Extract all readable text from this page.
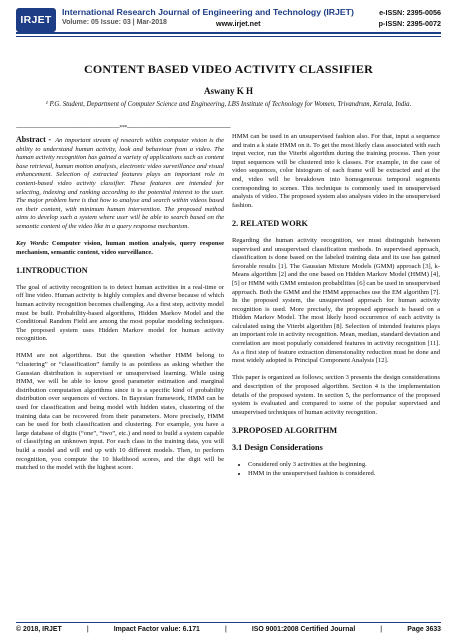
IRJET
International Research Journal of Engineering and Technology (IRJET)	e-ISSN: 2395-0056
Volume: 05 Issue: 03 | Mar-2018	www.irjet.net	p-ISSN: 2395-0072
CONTENT BASED VIDEO ACTIVITY CLASSIFIER
Aswany K H
¹ P.G. Student, Department of Computer Science and Engineering, LBS Institute of Technology for Women, Trivandrum, Kerala, India.
---------------------------------------------------------------------***---------------------------------------------------------------------

Abstract - An important stream of research within computer vision is the ability to understand human activity, look and behaviour from a video. The human activity recognition has gained a variety of applications such as content base retrieval, human motion analysis, electronic video surveillance and visual enhancement. Selection of extracted features plays an important role in content-based video activity classifier. These features are intended for selecting, indexing and ranking according to the potential interest to the user. The major problem here is that how to analyse and search within videos based on their content, with minimum human intervention. The proposed method aims to develop such a system where user will be able to search based on the semantic content of the video like in a query response mechanism.

Key Words: Computer vision, human motion analysis, query response mechanism, semantic content, video surveillance.

1.INTRODUCTION

The goal of activity recognition is to detect human activities in a real-time or off line video. Human activity is highly complex and diverse because of which human activity recognition becomes challenging. As a first step, activity model must be built. Probability-based algorithms, Hidden Markov Model and the Conditional Random Field are among the most popular modeling techniques. The proposed system uses Hidden Markov model for human activity recognition.

HMM are not algorithms. But the question whether HMM belong to “clustering” or “classification” family is as pointless as asking whether the Gaussian distribution is supervised or unsupervised learning. While using HMM, we will be able to know good parameter estimation and marginal distribution computation algorithms since it is a specific kind of probability distribution over sequences of vectors. In Bayesian framework, HMM can be used for classification and being model with hidden states, clustering of the training data can be recovered from their parameters. More precisely, HMM can be used for both classification and clustering. For example, you have a large database of digits (“one”, “two”, etc.) and need to build a system capable of classifying an unknown input. For each class in the training data, you will build a model and will end up with 10 different models. Then, to perform recognition, you compute the 10 likelihood scores, and the digit will be matched to the model with the highest score.

HMM can be used in an unsupervised fashion also. For that, input a sequence and train a k state HMM on it. To get the most likely class associated with each input vector, run the Viterbi algorithm during the training process. Then your input sequences will be clustered into k classes. For example, in the case of video sequences, color histogram of each frame will be extracted and at the end, video will be breakdown into homogeneous temporal segments corresponding to scenes. This technique is commonly used in unsupervised analysis of video. The proposed system also analyses video in the unsupervised fashion.

2. RELATED WORK

Regarding the human activity recognition, we must distinguish between supervised and unsupervised classification methods. In supervised approach, classification is done based on the labeled training data and its use has gained favorable results [1]. The Gaussian Mixture Models (GMM) approach [3], k-Means algorithm [2] and the one based on Hidden Markov Model (HMM) [4], [5] or HMM with GMM emission probabilities [6] can be used in unsupervised approach. Both the GMM and the HMM approaches use the EM algorithm [7]. In the proposed system, the unsupervised approach for human activity recognition is used. More precisely, the proposed approach is based on a Hidden Markov Model. The most likely hood occurrence of each activity is calculated using the Viterbi algorithm [8]. Selection of intended features plays an important role in activity recognition. Mean, median, standard deviation and correlation are most popularly considered features in activity recognition [11]. As a first step of feature extraction dimensionality reduction must be done and most widely adopted is Principal Component Analysis [12].

This paper is organized as follows; section 3 presents the design considerations and description of the proposed algorithm. Section 4 is the implementation details of the proposed system. In section 5, the performance of the proposed system is evaluated and compared to some of the popular supervised and unsupervised techniques of human activity recognition.

3.PROPOSED ALGORITHM
3.1 Design Considerations
• Considered only 3 activities at the beginning.
• HMM in the unsupervised fashion is considered.
© 2018, IRJET	|	Impact Factor value: 6.171	|	ISO 9001:2008 Certified Journal	|	Page 3633
